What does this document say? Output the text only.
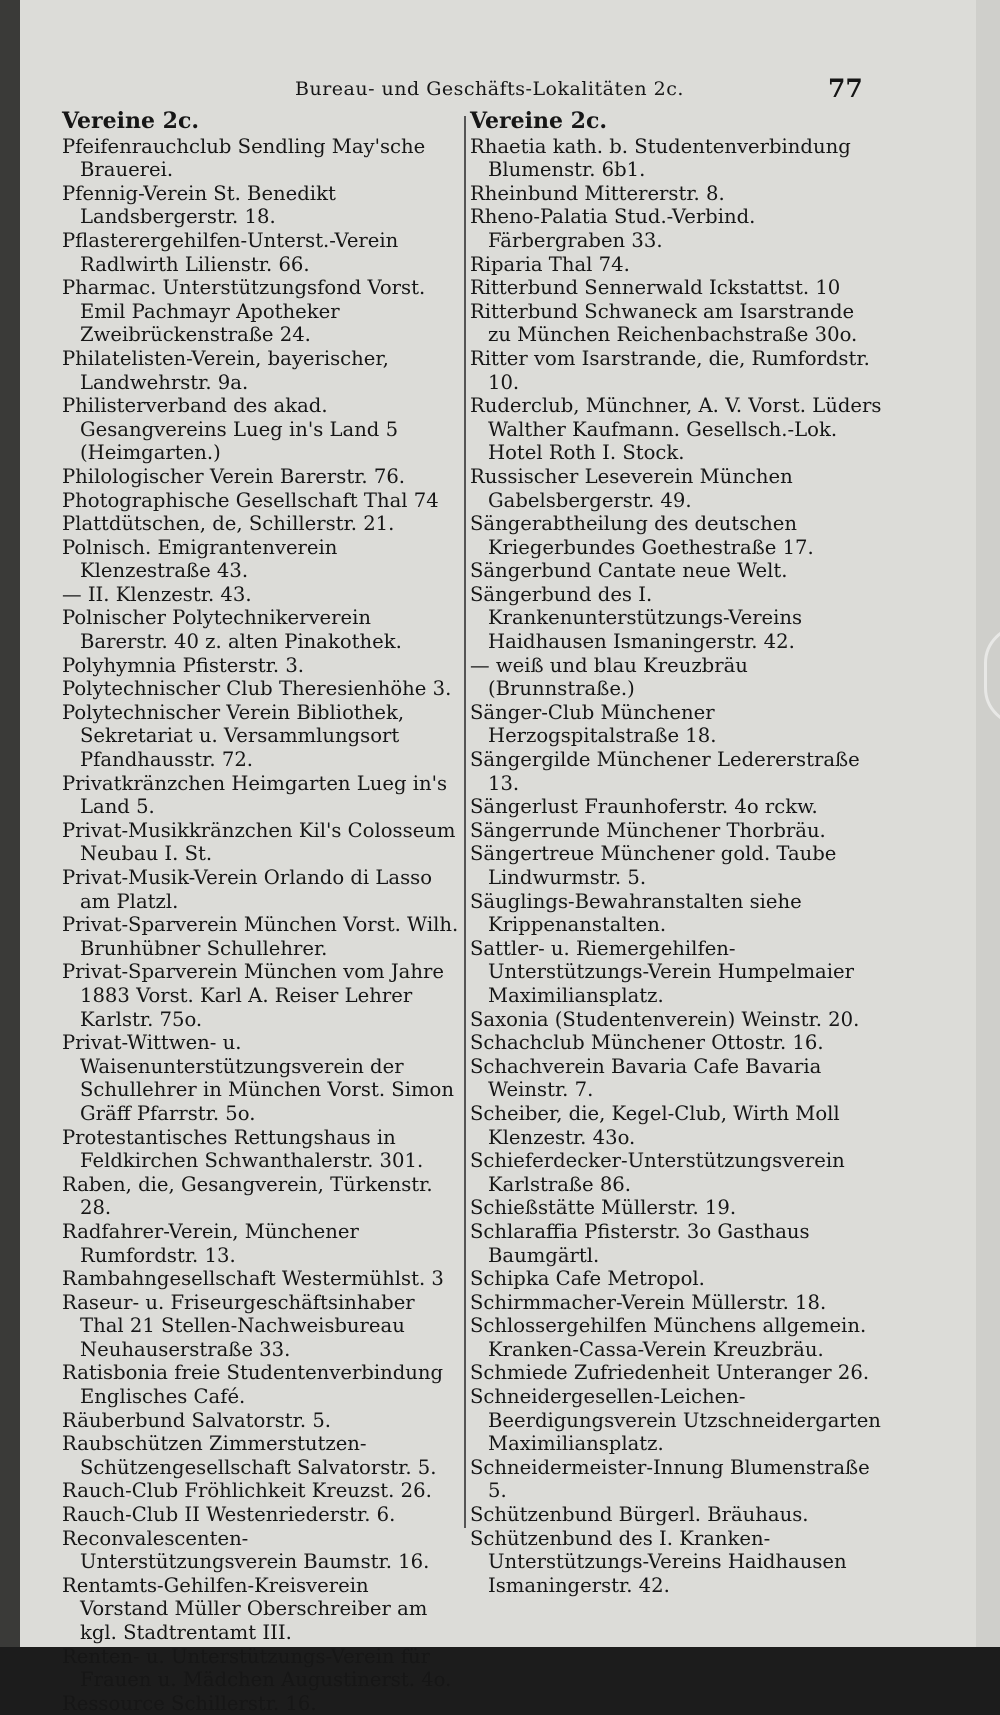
Bureau- und Geschäfts-Lokalitäten 2c.	77
Vereine 2c.

Pfeifenrauchclub Sendling May'sche Brauerei.

Pfennig-Verein St. Benedikt Landsbergerstr. 18.

Pflasterergehilfen-Unterst.-Verein Radlwirth Lilienstr. 66.

Pharmac. Unterstützungsfond Vorst. Emil Pachmayr Apotheker Zweibrückenstraße 24.

Philatelisten-Verein, bayerischer, Landwehrstr. 9a.

Philisterverband des akad. Gesangvereins Lueg in's Land 5 (Heimgarten.)

Philologischer Verein Barerstr. 76.

Photographische Gesellschaft Thal 74

Plattdütschen, de, Schillerstr. 21.

Polnisch. Emigrantenverein Klenzestraße 43.

— II. Klenzestr. 43.

Polnischer Polytechnikerverein Barerstr. 40 z. alten Pinakothek.

Polyhymnia Pfisterstr. 3.

Polytechnischer Club Theresienhöhe 3.

Polytechnischer Verein Bibliothek, Sekretariat u. Versammlungsort Pfandhausstr. 72.

Privatkränzchen Heimgarten Lueg in's Land 5.

Privat-Musikkränzchen Kil's Colosseum Neubau I. St.

Privat-Musik-Verein Orlando di Lasso am Platzl.

Privat-Sparverein München Vorst. Wilh. Brunhübner Schullehrer.

Privat-Sparverein München vom Jahre 1883 Vorst. Karl A. Reiser Lehrer Karlstr. 75o.

Privat-Wittwen- u. Waisenunterstützungsverein der Schullehrer in München Vorst. Simon Gräff Pfarrstr. 5o.

Protestantisches Rettungshaus in Feldkirchen Schwanthalerstr. 301.

Raben, die, Gesangverein, Türkenstr. 28.

Radfahrer-Verein, Münchener Rumfordstr. 13.

Rambahngesellschaft Westermühlst. 3

Raseur- u. Friseurgeschäftsinhaber Thal 21 Stellen-Nachweisbureau Neuhauserstraße 33.

Ratisbonia freie Studentenverbindung Englisches Café.

Räuberbund Salvatorstr. 5.

Raubschützen Zimmerstutzen-Schützengesellschaft Salvatorstr. 5.

Rauch-Club Fröhlichkeit Kreuzst. 26.

Rauch-Club II Westenriederstr. 6.

Reconvalescenten-Unterstützungsverein Baumstr. 16.

Rentamts-Gehilfen-Kreisverein Vorstand Müller Oberschreiber am kgl. Stadtrentamt III.

Renten- u. Unterstützungs-Verein für Frauen u. Mädchen Augustinerst. 4o.

Ressource Schillerstr. 16.

Vereine 2c.

Rhaetia kath. b. Studentenverbindung Blumenstr. 6b1.

Rheinbund Mittererstr. 8.

Rheno-Palatia Stud.-Verbind. Färbergraben 33.

Riparia Thal 74.

Ritterbund Sennerwald Ickstattst. 10

Ritterbund Schwaneck am Isarstrande zu München Reichenbachstraße 30o.

Ritter vom Isarstrande, die, Rumfordstr. 10.

Ruderclub, Münchner, A. V. Vorst. Lüders Walther Kaufmann. Gesellsch.-Lok. Hotel Roth I. Stock.

Russischer Leseverein München Gabelsbergerstr. 49.

Sängerabtheilung des deutschen Kriegerbundes Goethestraße 17.

Sängerbund Cantate neue Welt.

Sängerbund des I. Krankenunterstützungs-Vereins Haidhausen Ismaningerstr. 42.

— weiß und blau Kreuzbräu (Brunnstraße.)

Sänger-Club Münchener Herzogspitalstraße 18.

Sängergilde Münchener Ledererstraße 13.

Sängerlust Fraunhoferstr. 4o rckw.

Sängerrunde Münchener Thorbräu.

Sängertreue Münchener gold. Taube Lindwurmstr. 5.

Säuglings-Bewahranstalten siehe Krippenanstalten.

Sattler- u. Riemergehilfen-Unterstützungs-Verein Humpelmaier Maximiliansplatz.

Saxonia (Studentenverein) Weinstr. 20.

Schachclub Münchener Ottostr. 16.

Schachverein Bavaria Cafe Bavaria Weinstr. 7.

Scheiber, die, Kegel-Club, Wirth Moll Klenzestr. 43o.

Schieferdecker-Unterstützungsverein Karlstraße 86.

Schießstätte Müllerstr. 19.

Schlaraffia Pfisterstr. 3o Gasthaus Baumgärtl.

Schipka Cafe Metropol.

Schirmmacher-Verein Müllerstr. 18.

Schlossergehilfen Münchens allgemein. Kranken-Cassa-Verein Kreuzbräu.

Schmiede Zufriedenheit Unteranger 26.

Schneidergesellen-Leichen-Beerdigungsverein Utzschneidergarten Maximiliansplatz.

Schneidermeister-Innung Blumenstraße 5.

Schützenbund Bürgerl. Bräuhaus.

Schützenbund des I. Kranken-Unterstützungs-Vereins Haidhausen Ismaningerstr. 42.
